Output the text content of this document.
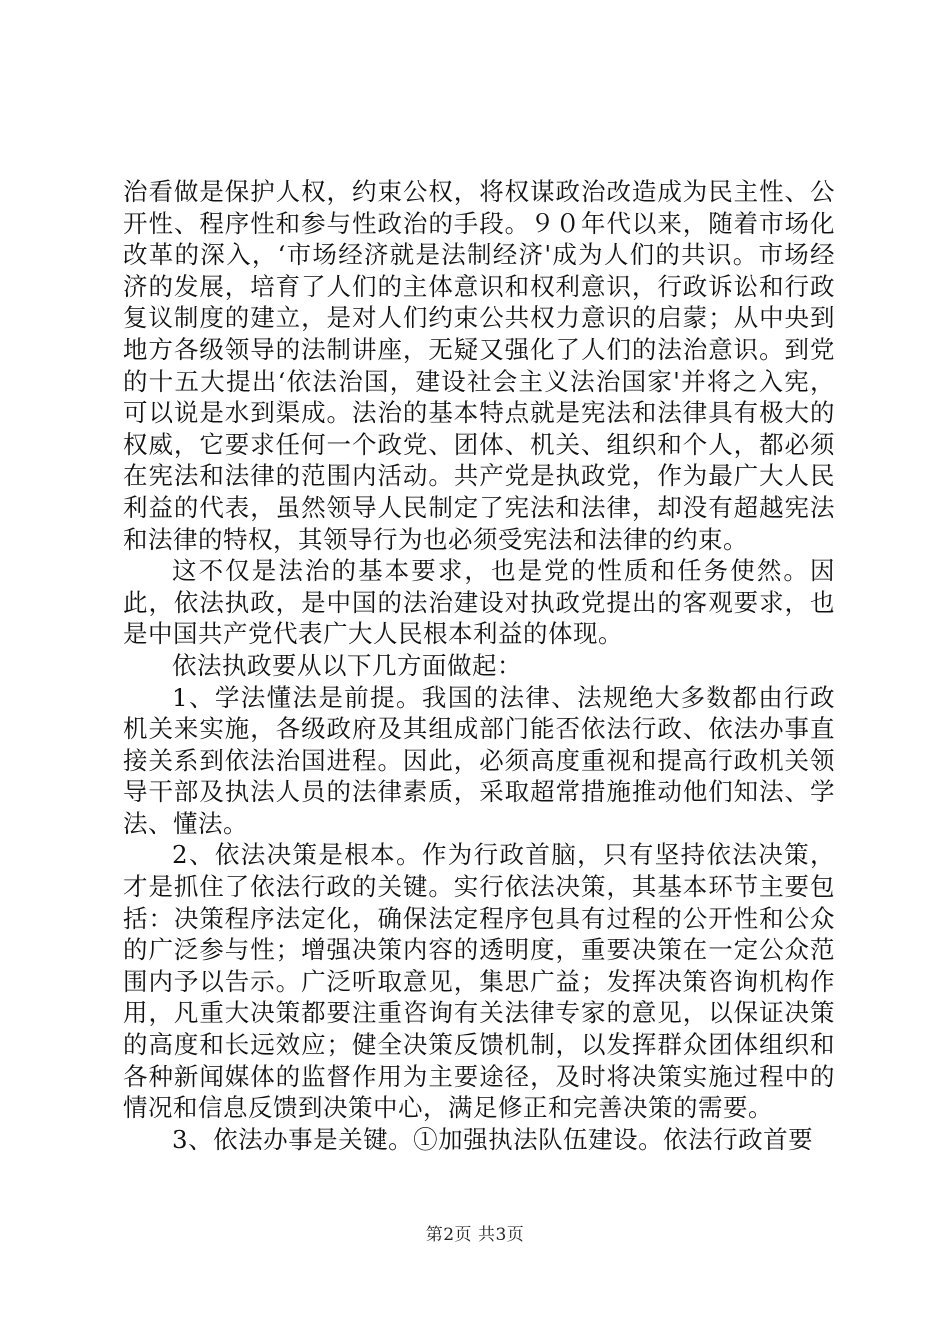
治看做是保护人权，约束公权，将权谋政治改造成为民主性、公开性、程序性和参与性政治的手段。９０年代以来，随着市场化改革的深入，‘市场经济就是法制经济'成为人们的共识。市场经济的发展，培育了人们的主体意识和权利意识，行政诉讼和行政复议制度的建立，是对人们约束公共权力意识的启蒙；从中央到地方各级领导的法制讲座，无疑又强化了人们的法治意识。到党的十五大提出‘依法治国，建设社会主义法治国家'并将之入宪，可以说是水到渠成。法治的基本特点就是宪法和法律具有极大的权威，它要求任何一个政党、团体、机关、组织和个人，都必须在宪法和法律的范围内活动。共产党是执政党，作为最广大人民利益的代表，虽然领导人民制定了宪法和法律，却没有超越宪法和法律的特权，其领导行为也必须受宪法和法律的约束。

这不仅是法治的基本要求，也是党的性质和任务使然。因此，依法执政，是中国的法治建设对执政党提出的客观要求，也是中国共产党代表广大人民根本利益的体现。

依法执政要从以下几方面做起：

1、学法懂法是前提。我国的法律、法规绝大多数都由行政机关来实施，各级政府及其组成部门能否依法行政、依法办事直接关系到依法治国进程。因此，必须高度重视和提高行政机关领导干部及执法人员的法律素质，采取超常措施推动他们知法、学法、懂法。

2、依法决策是根本。作为行政首脑，只有坚持依法决策，才是抓住了依法行政的关键。实行依法决策，其基本环节主要包括：决策程序法定化，确保法定程序包具有过程的公开性和公众的广泛参与性；增强决策内容的透明度，重要决策在一定公众范围内予以告示。广泛听取意见，集思广益；发挥决策咨询机构作用，凡重大决策都要注重咨询有关法律专家的意见，以保证决策的高度和长远效应；健全决策反馈机制，以发挥群众团体组织和各种新闻媒体的监督作用为主要途径，及时将决策实施过程中的情况和信息反馈到决策中心，满足修正和完善决策的需要。

3、依法办事是关键。①加强执法队伍建设。依法行政首要

第2页 共3页
